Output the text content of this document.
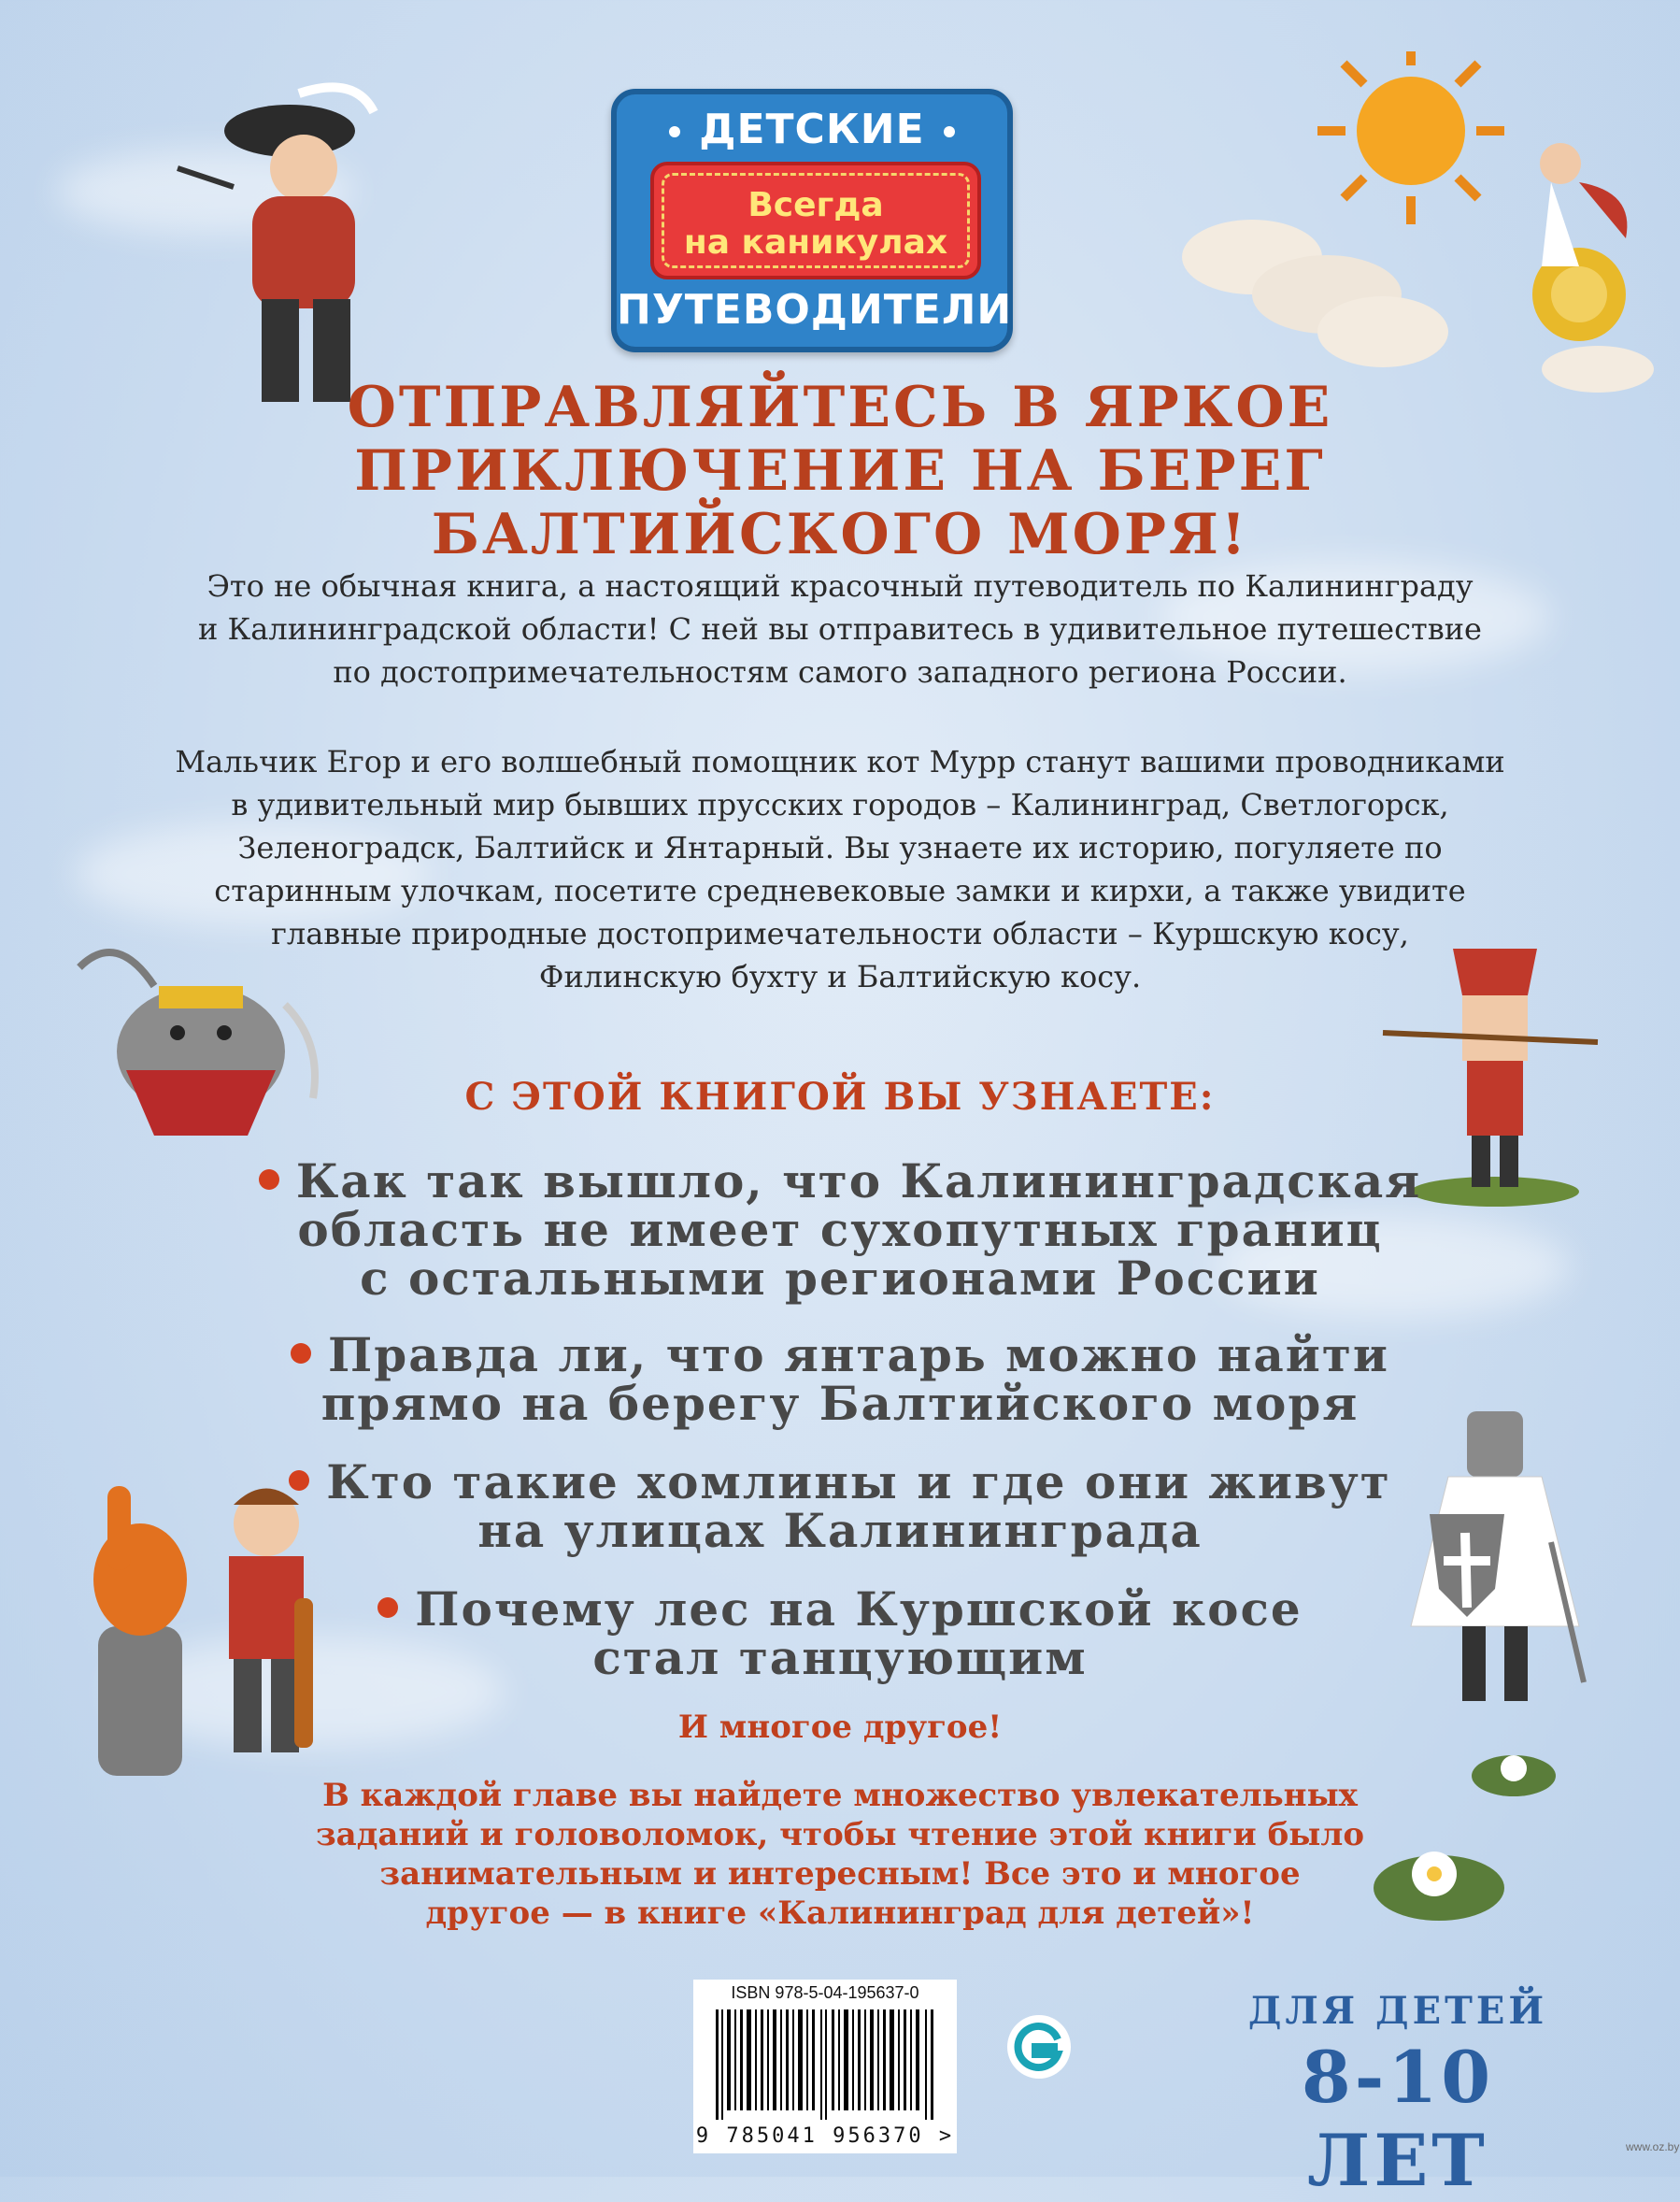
ДЕТСКИЕ
Всегда
на каникулах
ПУТЕВОДИТЕЛИ
ОТПРАВЛЯЙТЕСЬ В ЯРКОЕ
ПРИКЛЮЧЕНИЕ НА БЕРЕГ
БАЛТИЙСКОГО МОРЯ!
Это не обычная книга, а настоящий красочный путеводитель по Калининграду
и Калининградской области! С ней вы отправитесь в удивительное путешествие
по достопримечательностям самого западного региона России.
Мальчик Егор и его волшебный помощник кот Мурр станут вашими проводниками
в удивительный мир бывших прусских городов – Калининград, Светлогорск,
Зеленоградск, Балтийск и Янтарный. Вы узнаете их историю, погуляете по
старинным улочкам, посетите средневековые замки и кирхи, а также увидите
главные природные достопримечательности области – Куршскую косу,
Филинскую бухту и Балтийскую косу.
С ЭТОЙ КНИГОЙ ВЫ УЗНАЕТЕ:
Как так вышло, что Калининградская
область не имеет сухопутных границ
с остальными регионами России
Правда ли, что янтарь можно найти
прямо на берегу Балтийского моря
Кто такие хомлины и где они живут
на улицах Калининграда
Почему лес на Куршской косе
стал танцующим
И многое другое!
В каждой главе вы найдете множество увлекательных
заданий и головоломок, чтобы чтение этой книги было
занимательным и интересным! Все это и многое
другое — в книге «Калининград для детей»!
ISBN 978-5-04-195637-0
9 785041 956370 >
ДЛЯ ДЕТЕЙ
8-10 ЛЕТ	www.oz.by
